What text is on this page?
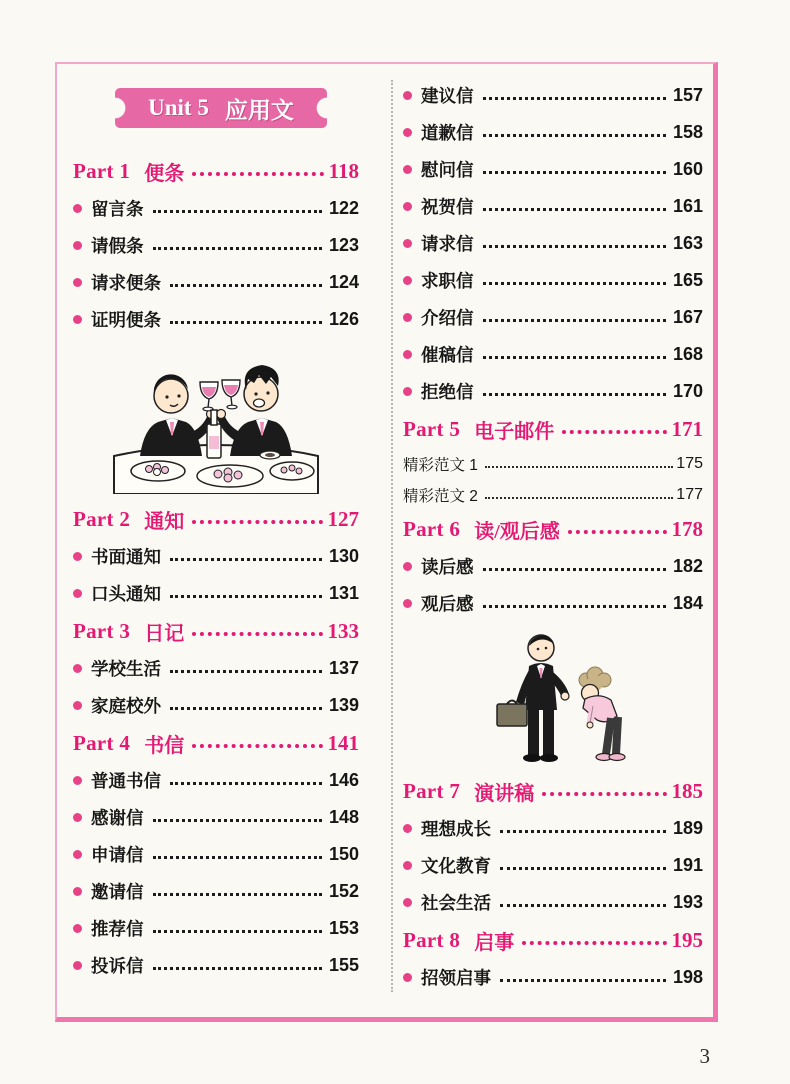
Unit 5 应用文
Part 1 便条	118
留言条	122
请假条	123
请求便条	124
证明便条	126
Part 2 通知	127
书面通知	130
口头通知	131
Part 3 日记	133
学校生活	137
家庭校外	139
Part 4 书信	141
普通书信	146
感谢信	148
申请信	150
邀请信	152
推荐信	153
投诉信	155
建议信	157
道歉信	158
慰问信	160
祝贺信	161
请求信	163
求职信	165
介绍信	167
催稿信	168
拒绝信	170
Part 5 电子邮件	171
精彩范文 1	175
精彩范文 2	177
Part 6 读/观后感	178
读后感	182
观后感	184
Part 7 演讲稿	185
理想成长	189
文化教育	191
社会生活	193
Part 8 启事	195
招领启事	198
3
